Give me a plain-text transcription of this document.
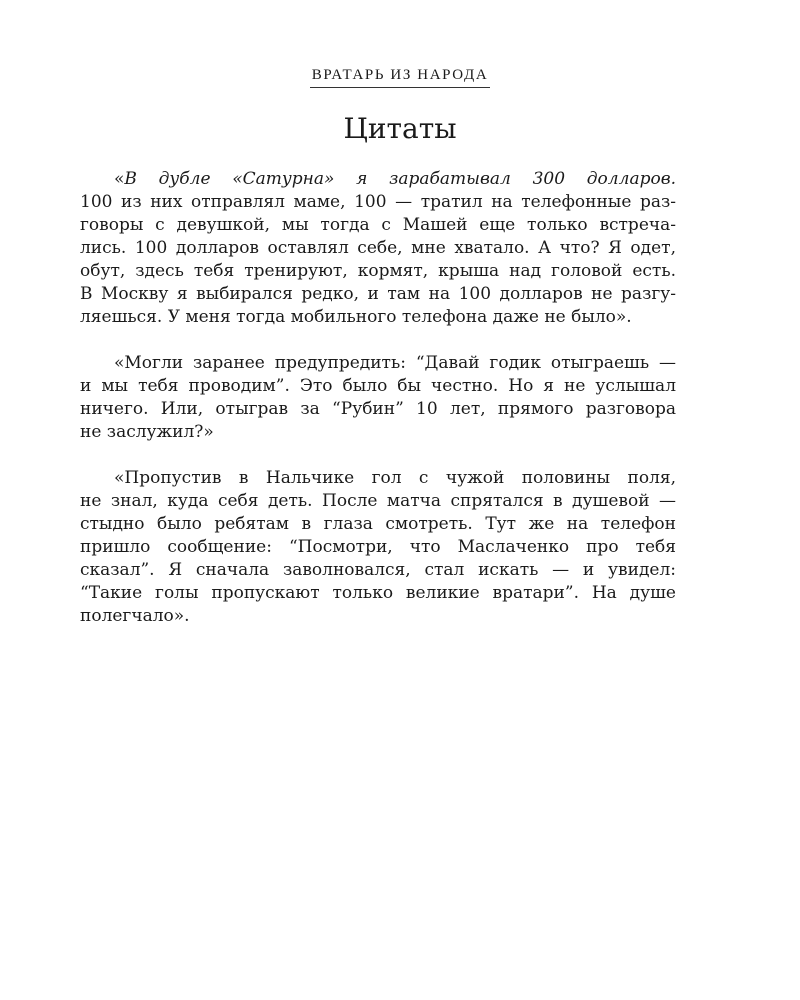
ВРАТАРЬ ИЗ НАРОДА
Цитаты
«В дубле «Сатурна» я зарабатывал 300 долларов.
100 из них отправлял маме, 100 — тратил на телефонные раз-
говоры с девушкой, мы тогда с Машей еще только встреча-
лись. 100 долларов оставлял себе, мне хватало. А что? Я одет,
обут, здесь тебя тренируют, кормят, крыша над головой есть.
В Москву я выбирался редко, и там на 100 долларов не разгу-
ляешься. У меня тогда мобильного телефона даже не было».
«Могли заранее предупредить: “Давай годик отыграешь —
и мы тебя проводим”. Это было бы честно. Но я не услышал
ничего. Или, отыграв за “Рубин” 10 лет, прямого разговора
не заслужил?»
«Пропустив в Нальчике гол с чужой половины поля,
не знал, куда себя деть. После матча спрятался в душевой —
стыдно было ребятам в глаза смотреть. Тут же на телефон
пришло сообщение: “Посмотри, что Маслаченко про тебя
сказал”. Я сначала заволновался, стал искать — и увидел:
“Такие голы пропускают только великие вратари”. На душе
полегчало».
